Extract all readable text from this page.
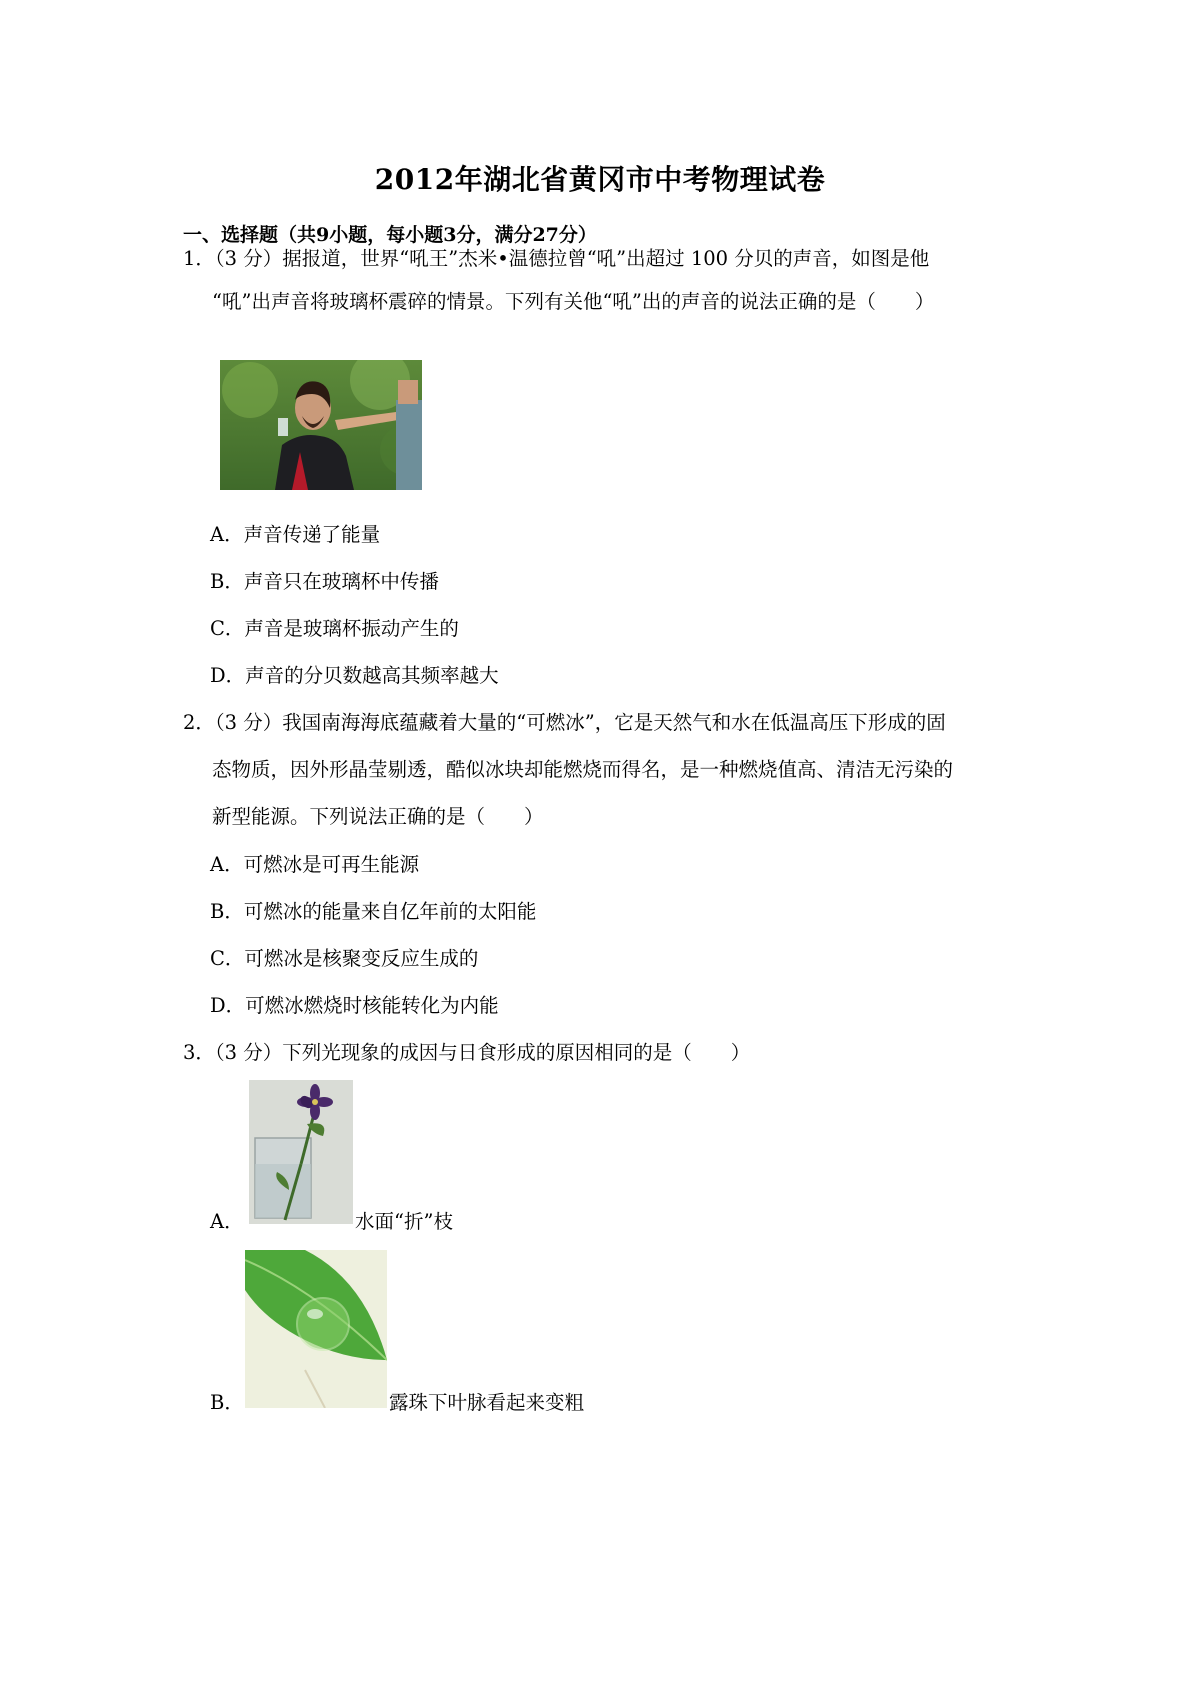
2012年湖北省黄冈市中考物理试卷
一、选择题（共9小题，每小题3分，满分27分）
1．（3 分）据报道，世界“吼王”杰米•温德拉曾“吼”出超过 100 分贝的声音，如图是他
“吼”出声音将玻璃杯震碎的情景。下列有关他“吼”出的声音的说法正确的是（　　）
A．声音传递了能量
B．声音只在玻璃杯中传播
C．声音是玻璃杯振动产生的
D．声音的分贝数越高其频率越大
2．（3 分）我国南海海底蕴藏着大量的“可燃冰”，它是天然气和水在低温高压下形成的固
态物质，因外形晶莹剔透，酷似冰块却能燃烧而得名，是一种燃烧值高、清洁无污染的
新型能源。下列说法正确的是（　　）
A．可燃冰是可再生能源
B．可燃冰的能量来自亿年前的太阳能
C．可燃冰是核聚变反应生成的
D．可燃冰燃烧时核能转化为内能
3．（3 分）下列光现象的成因与日食形成的原因相同的是（　　）
A．	水面“折”枝
B．	露珠下叶脉看起来变粗
